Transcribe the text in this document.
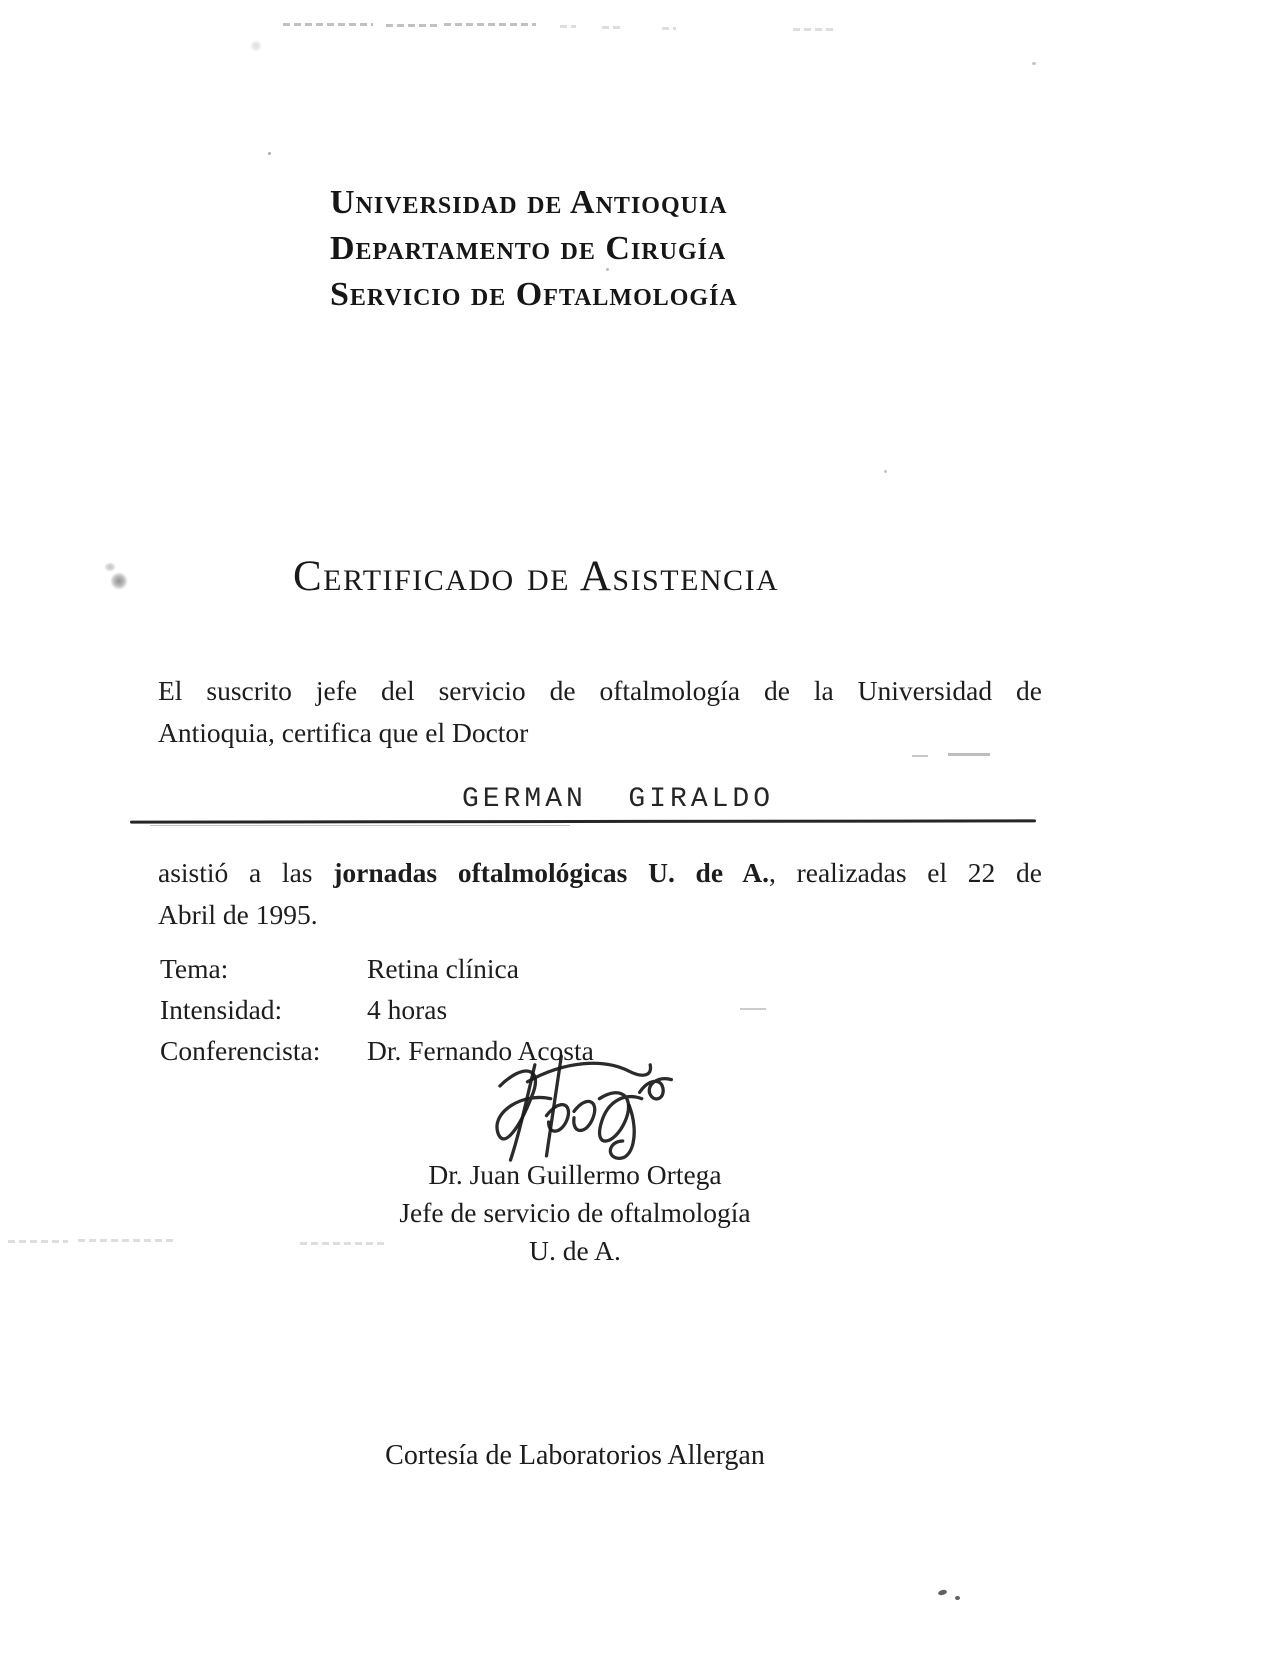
Universidad de Antioquia
Departamento de Cirugía
Servicio de Oftalmología
Certificado de Asistencia
El suscrito jefe del servicio de oftalmología de la Universidad de
Antioquia, certifica que el Doctor
GERMAN  GIRALDO
asistió a las jornadas oftalmológicas U. de A., realizadas el 22 de
Abril de 1995.
Tema:	Retina clínica
Intensidad:	4 horas
Conferencista:	Dr. Fernando Acosta
Dr. Juan Guillermo Ortega
Jefe de servicio de oftalmología
U. de A.
Cortesía de Laboratorios Allergan
